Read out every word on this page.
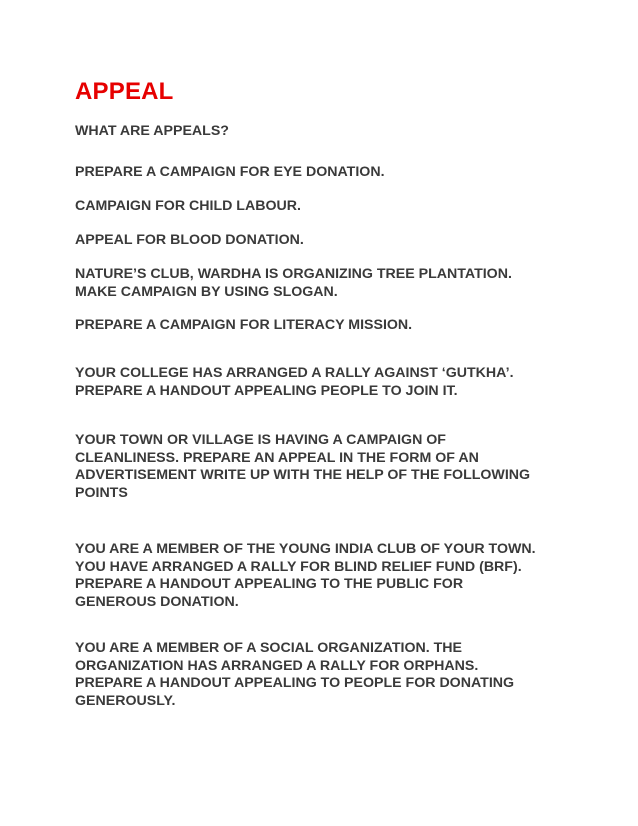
APPEAL

WHAT ARE APPEALS?

PREPARE A CAMPAIGN FOR EYE DONATION.

CAMPAIGN FOR CHILD LABOUR.

APPEAL FOR BLOOD DONATION.

NATURE’S CLUB, WARDHA IS ORGANIZING TREE PLANTATION.
MAKE CAMPAIGN BY USING SLOGAN.

PREPARE A CAMPAIGN FOR LITERACY MISSION.

YOUR COLLEGE HAS ARRANGED A RALLY AGAINST ‘GUTKHA’.
PREPARE A HANDOUT APPEALING PEOPLE TO JOIN IT.

YOUR TOWN OR VILLAGE IS HAVING A CAMPAIGN OF
CLEANLINESS. PREPARE AN APPEAL IN THE FORM OF AN
ADVERTISEMENT WRITE UP WITH THE HELP OF THE FOLLOWING
POINTS

YOU ARE A MEMBER OF THE YOUNG INDIA CLUB OF YOUR TOWN.
YOU HAVE ARRANGED A RALLY FOR BLIND RELIEF FUND (BRF).
PREPARE A HANDOUT APPEALING TO THE PUBLIC FOR
GENEROUS DONATION.

YOU ARE A MEMBER OF A SOCIAL ORGANIZATION. THE
ORGANIZATION HAS ARRANGED A RALLY FOR ORPHANS.
PREPARE A HANDOUT APPEALING TO PEOPLE FOR DONATING
GENEROUSLY.
